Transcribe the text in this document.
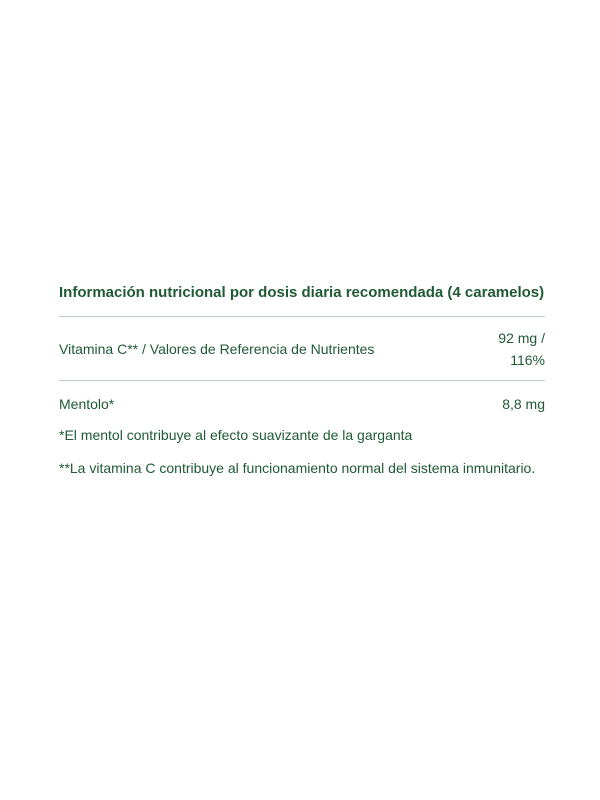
Información nutricional por dosis diaria recomendada (4 caramelos)
Vitamina C** / Valores de Referencia de Nutrientes
92 mg / 116%
Mentolo*	8,8 mg

*El mentol contribuye al efecto suavizante de la garganta

**La vitamina C contribuye al funcionamiento normal del sistema inmunitario.
